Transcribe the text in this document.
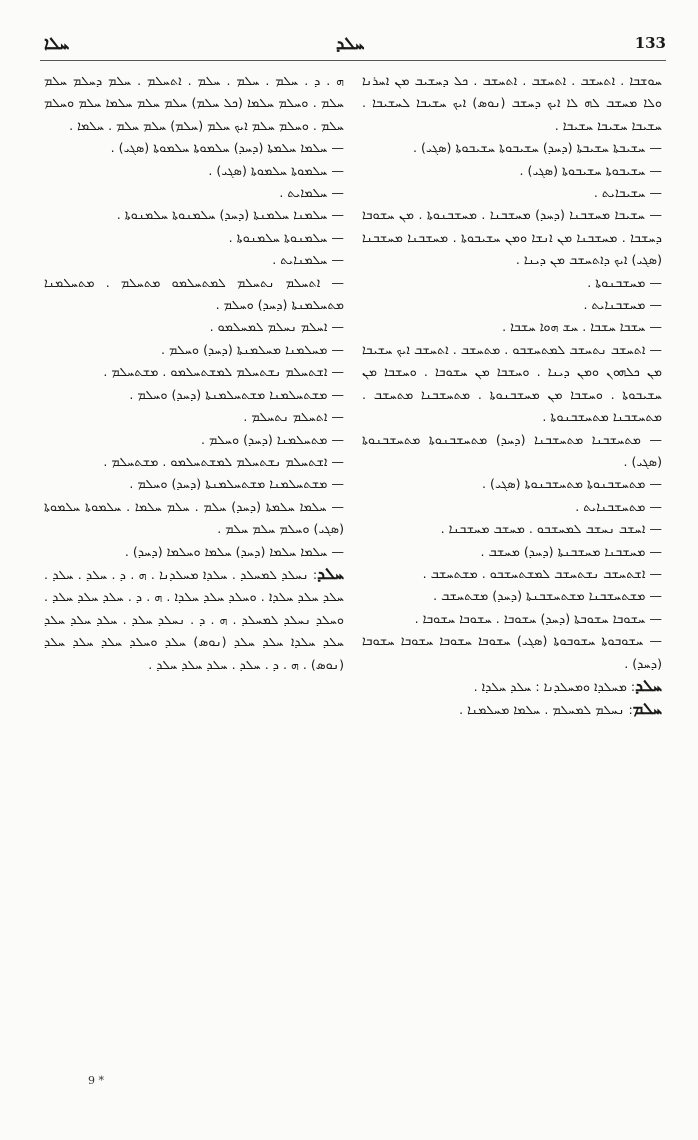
ܚܠܐ	ܚܠܕ	133

ܚܘܫܒܐ . ܐܬܚܫܒ . ܐܬܚܫܒ . ܐܬܚܫܒ . ܟܠ ܕܚܫܝܒ ܡܢ ܐܚܪܢܐ ܘܠܐ ܡܚܫܒ ܠܗ ܠܐ ܐܝܟ ܕܚܫܒ (ܢܘܣ) ܐܝܟ ܚܫܝܒܐ ܠܚܫܝܒܐ . ܚܫܝܒܐ ܚܫܝܒܐ ܚܫܝܒܐ .

— ܚܫܝܒܬܐ ܚܫܝܒܬܐ (ܕܚܕ) ܚܫܝܒܘܬܐ ܚܫܝܒܘܬܐ (ܣܓܝ) .

— ܚܫܝܒܘܬܐ ܚܫܝܒܘܬܐ (ܣܓܝ) .

— ܚܫܝܒܐܝܬ .

— ܚܫܝܒܐ ܡܚܫܒܢܐ (ܕܚܕ) ܡܚܫܒܢܐ . ܡܚܫܒܢܘܬܐ . ܡܢ ܚܫܘܒܐ ܕܚܫܒܐ . ܡܚܫܒܢܐ ܡܢ ܐܢܫܐ ܘܡܢ ܚܫܝܒܘܬܐ . ܡܚܫܒܢܐ ܡܚܫܒܢܐ (ܣܓܝ) ܐܝܟ ܕܐܬܚܫܒ ܡܢ ܕܝܢܐ .

— ܡܚܫܒܢܘܬܐ .

— ܡܚܫܒܢܐܝܬ .

— ܚܫܒܐ ܚܫܒܐ . ܚܫ ܗܘܐ ܚܫܒܐ .

— ܐܬܚܫܒ ܢܬܚܫܒ ܠܡܬܚܫܒܘ . ܡܬܚܫܒ . ܐܬܚܫܒ ܐܝܟ ܚܫܝܒܐ ܡܢ ܟܠܗܘܢ ܘܡܢ ܕܝܢܐ . ܘܚܫܒܐ ܡܢ ܚܫܘܒܐ . ܘܚܫܒܐ ܡܢ ܚܫܝܒܘܬܐ . ܘܚܫܒܐ ܡܢ ܡܚܫܒܢܘܬܐ . ܡܬܚܫܒܢܐ ܡܬܚܫܒ . ܡܬܚܫܒܢܐ ܡܬܚܫܒܢܘܬܐ .

— ܡܬܚܫܒܢܐ ܡܬܚܫܒܢܐ (ܕܚܕ) ܡܬܚܫܒܢܘܬܐ ܡܬܚܫܒܢܘܬܐ (ܣܓܝ) .

— ܡܬܚܫܒܢܘܬܐ ܡܬܚܫܒܢܘܬܐ (ܣܓܝ) .

— ܡܬܚܫܒܢܐܝܬ .

— ܐܚܫܒ ܢܚܫܒ ܠܡܚܫܒܘ . ܡܚܫܒ ܡܚܫܒܢܐ .

— ܡܚܫܒܢܐ ܡܚܫܒܢܬܐ (ܕܚܕ) ܡܚܫܒ .

— ܐܫܬܚܫܒ ܢܫܬܚܫܒ ܠܡܫܬܚܫܒܘ . ܡܫܬܚܫܒ .

— ܡܫܬܚܫܒܢܐ ܡܫܬܚܫܒܢܬܐ (ܕܚܕ) ܡܫܬܚܫܒ .

— ܚܫܘܒܐ ܚܫܘܒܬܐ (ܕܚܕ) ܚܫܘܒܐ . ܚܫܘܒܐ ܚܫܘܒܐ .

— ܚܫܘܒܘܬܐ ܚܫܘܒܘܬܐ (ܣܓܝ) ܚܫܘܒܐ ܚܫܘܒܐ ܚܫܘܒܐ ܚܫܘܒܐ (ܕܚܕ) .

ܚܠܕ: ܡܚܠܕܐ ܘܡܚܠܕܢܐ : ܚܠܕ ܚܠܕܐ .

ܚܠܡ: ܢܚܠܡ ܠܡܚܠܡ . ܚܠܡܐ ܡܚܠܡܢܐ .

ܗ . ܕ . ܚܠܡ . ܚܠܡ . ܚܠܡ . ܐܬܚܠܡ . ܚܠܡ ܕܚܠܡ ܚܠܡ ܚܠܡ . ܘܚܠܡ ܚܠܡܐ (ܟܠ ܚܠܡ) ܚܠܡ ܚܠܡ ܚܠܡܐ ܚܠܡ ܘܚܠܡ ܚܠܡ . ܘܚܠܡ ܚܠܡ ܐܝܟ ܚܠܡ (ܚܠܡ) ܚܠܡ ܚܠܡ . ܚܠܡܐ .

— ܚܠܡܐ ܚܠܡܬܐ (ܕܚܕ) ܚܠܡܘܬܐ ܚܠܡܘܬܐ (ܣܓܝ) .

— ܚܠܡܘܬܐ ܚܠܡܘܬܐ (ܣܓܝ) .

— ܚܠܡܐܝܬ .

— ܚܠܡܢܐ ܚܠܡܢܬܐ (ܕܚܕ) ܚܠܡܢܘܬܐ ܚܠܡܢܘܬܐ .

— ܚܠܡܢܘܬܐ ܚܠܡܢܘܬܐ .

— ܚܠܡܢܐܝܬ .

— ܐܬܚܠܡ ܢܬܚܠܡ ܠܡܬܚܠܡܘ ܡܬܚܠܡ . ܡܬܚܠܡܢܐ ܡܬܚܠܡܢܬܐ (ܕܚܕ) ܘܚܠܡ .

— ܐܚܠܡ ܢܚܠܡ ܠܡܚܠܡܘ .

— ܡܚܠܡܢܐ ܡܚܠܡܢܬܐ (ܕܚܕ) ܘܚܠܡ .

— ܐܫܬܚܠܡ ܢܫܬܚܠܡ ܠܡܫܬܚܠܡܘ . ܡܫܬܚܠܡ .

— ܡܫܬܚܠܡܢܐ ܡܫܬܚܠܡܢܬܐ (ܕܚܕ) ܘܚܠܡ .

— ܐܬܚܠܡ ܢܬܚܠܡ .

— ܡܬܚܠܡܢܐ (ܕܚܕ) ܘܚܠܡ .

— ܐܫܬܚܠܡ ܢܫܬܚܠܡ ܠܡܫܬܚܠܡܘ . ܡܫܬܚܠܡ .

— ܡܫܬܚܠܡܢܐ ܡܫܬܚܠܡܢܬܐ (ܕܚܕ) ܘܚܠܡ .

— ܚܠܡܐ ܚܠܡܬܐ (ܕܚܕ) ܚܠܡ . ܚܠܡ ܚܠܡܐ . ܚܠܡܘܬܐ ܚܠܡܘܬܐ (ܣܓܝ) ܘܚܠܡ ܚܠܡ ܚܠܡ .

— ܚܠܡܐ ܚܠܡܐ (ܕܚܕ) ܚܠܡܐ ܘܚܠܡܐ (ܕܚܕ) .

ܚܠܕ: ܢܚܠܕ ܠܡܚܠܕ . ܚܠܕܐ ܡܚܠܕܢܐ . ܗ . ܕ . ܚܠܕ . ܚܠܕ . ܚܠܕ ܚܠܕ ܚܠܕܐ . ܘܚܠܕ ܚܠܕ ܚܠܕܐ . ܗ . ܕ . ܚܠܕ ܚܠܕ ܚܠܕ . ܘܚܠܕ ܢܚܠܕ ܠܡܚܠܕ . ܗ . ܕ . ܢܚܠܕ ܚܠܕ . ܚܠܕ ܚܠܕ ܚܠܕ ܚܠܕ ܚܠܕܐ ܚܠܕ ܚܠܕ (ܢܘܣ) ܚܠܕ ܘܚܠܕ ܚܠܕ ܚܠܕ ܚܠܕ (ܢܘܣ) . ܗ . ܕ . ܚܠܕ . ܚܠܕ ܚܠܕ ܚܠܕ .

9 *
